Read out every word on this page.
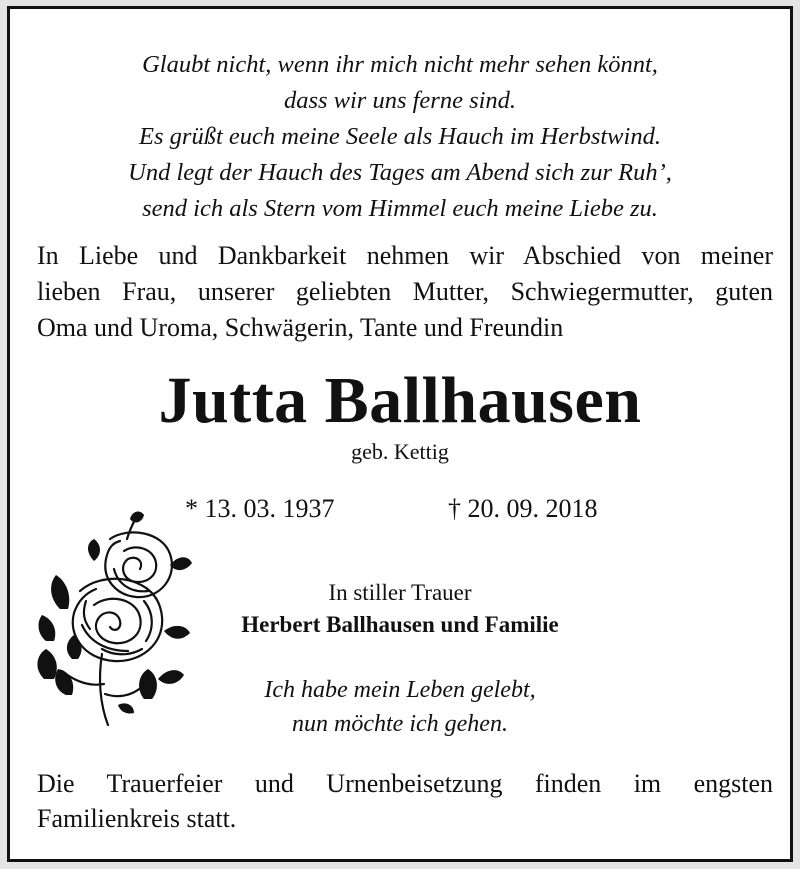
Glaubt nicht, wenn ihr mich nicht mehr sehen könnt,
dass wir uns ferne sind.
Es grüßt euch meine Seele als Hauch im Herbstwind.
Und legt der Hauch des Tages am Abend sich zur Ruh’,
send ich als Stern vom Himmel euch meine Liebe zu.
In Liebe und Dankbarkeit nehmen wir Abschied von meiner
lieben Frau, unserer geliebten Mutter, Schwiegermutter, guten
Oma und Uroma, Schwägerin, Tante und Freundin
Jutta Ballhausen
geb. Kettig
* 13. 03. 1937	† 20. 09. 2018
In stiller Trauer
Herbert Ballhausen und Familie
Ich habe mein Leben gelebt,
nun möchte ich gehen.
Die Trauerfeier und Urnenbeisetzung finden im engsten
Familienkreis statt.
